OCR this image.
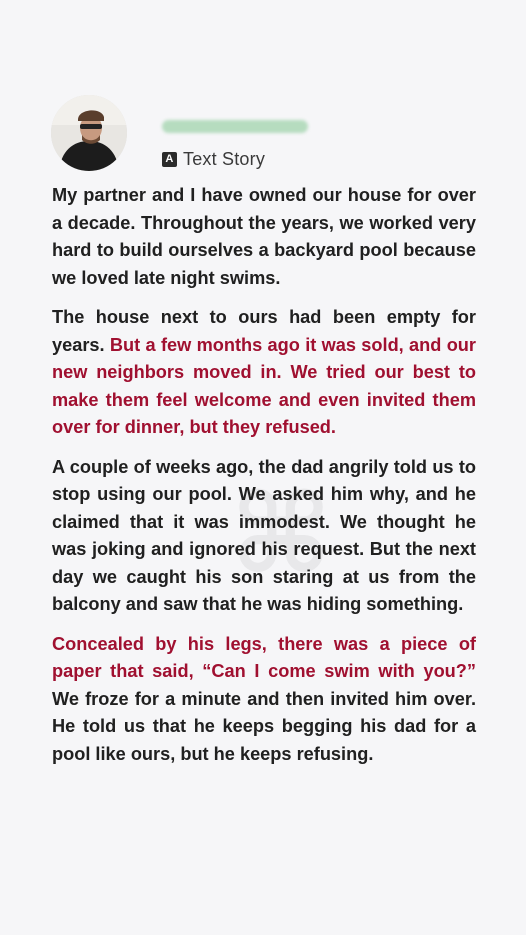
A Text Story
⌘

My partner and I have owned our house for over a decade. Throughout the years, we worked very hard to build ourselves a backyard pool because we loved late night swims.

The house next to ours had been empty for years. But a few months ago it was sold, and our new neighbors moved in. We tried our best to make them feel welcome and even invited them over for dinner, but they refused.

A couple of weeks ago, the dad angrily told us to stop using our pool. We asked him why, and he claimed that it was immodest. We thought he was joking and ignored his request. But the next day we caught his son staring at us from the balcony and saw that he was hiding something.

Concealed by his legs, there was a piece of paper that said, “Can I come swim with you?” We froze for a minute and then invited him over. He told us that he keeps begging his dad for a pool like ours, but he keeps refusing.
